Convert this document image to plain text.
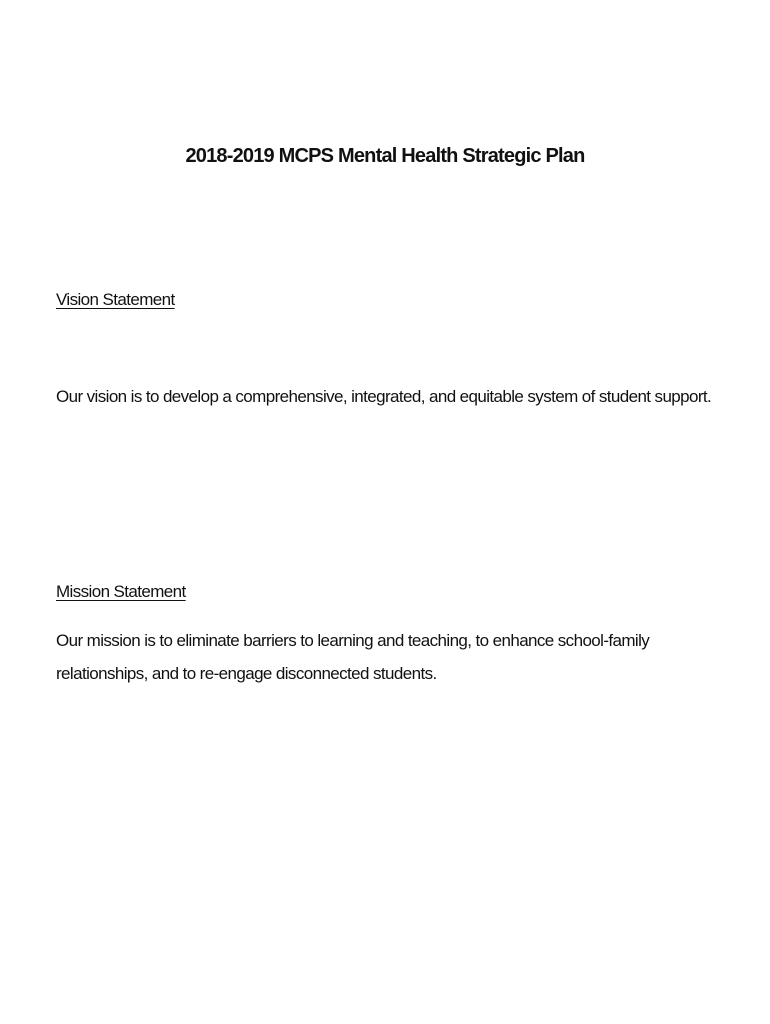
2018-2019 MCPS Mental Health Strategic Plan
Vision Statement
Our vision is to develop a comprehensive, integrated, and equitable system of student support.
Mission Statement
Our mission is to eliminate barriers to learning and teaching, to enhance school-family
relationships, and to re-engage disconnected students.
